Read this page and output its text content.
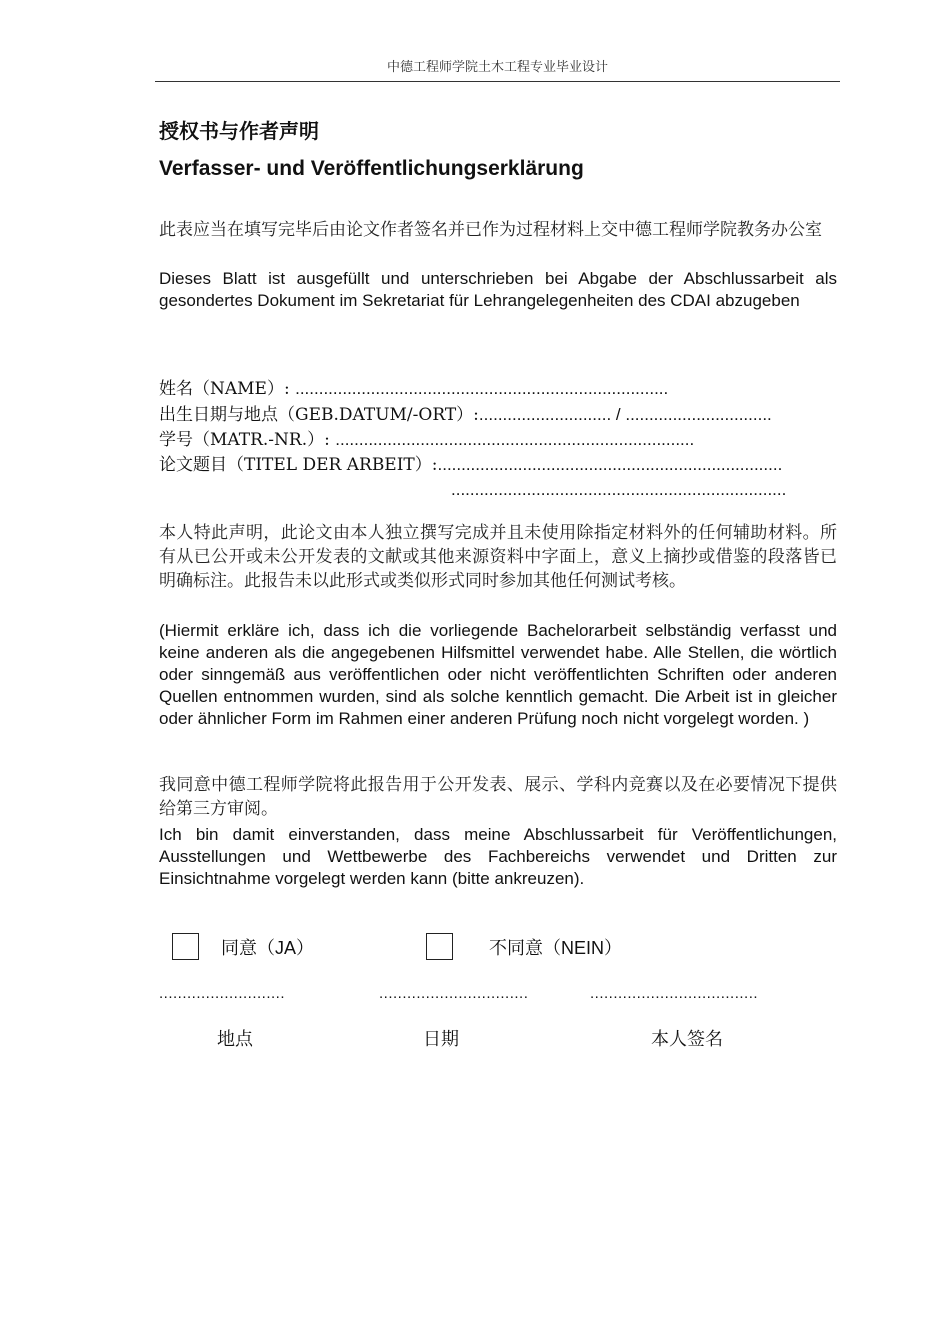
中德工程师学院土木工程专业毕业设计
授权书与作者声明
Verfasser- und Veröffentlichungserklärung
此表应当在填写完毕后由论文作者签名并已作为过程材料上交中德工程师学院教务办公室
Dieses Blatt ist ausgefüllt und unterschrieben bei Abgabe der Abschlussarbeit als gesondertes Dokument im Sekretariat für Lehrangelegenheiten des CDAI abzugeben
姓名（NAME）: ...............................................................................
出生日期与地点（GEB.DATUM/-ORT）:............................ / ...............................
学号（MATR.-NR.）: ............................................................................
论文题目（TITEL DER ARBEIT）:.........................................................................
.......................................................................
本人特此声明，此论文由本人独立撰写完成并且未使用除指定材料外的任何辅助材料。所有从已公开或未公开发表的文献或其他来源资料中字面上，意义上摘抄或借鉴的段落皆已明确标注。此报告未以此形式或类似形式同时参加其他任何测试考核。
(Hiermit erkläre ich, dass ich die vorliegende Bachelorarbeit selbständig verfasst und keine anderen als die angegebenen Hilfsmittel verwendet habe. Alle Stellen, die wörtlich oder sinngemäß aus veröffentlichen oder nicht veröffentlichten Schriften oder anderen Quellen entnommen wurden, sind als solche kenntlich gemacht. Die Arbeit ist in gleicher oder ähnlicher Form im Rahmen einer anderen Prüfung noch nicht vorgelegt worden. )
我同意中德工程师学院将此报告用于公开发表、展示、学科内竞赛以及在必要情况下提供给第三方审阅。
Ich bin damit einverstanden, dass meine Abschlussarbeit für Veröffentlichungen, Ausstellungen und Wettbewerbe des Fachbereichs verwendet und Dritten zur Einsichtnahme vorgelegt werden kann (bitte ankreuzen).
同意（JA）	不同意（NEIN）
...........................	................................	....................................
地点	日期	本人签名
